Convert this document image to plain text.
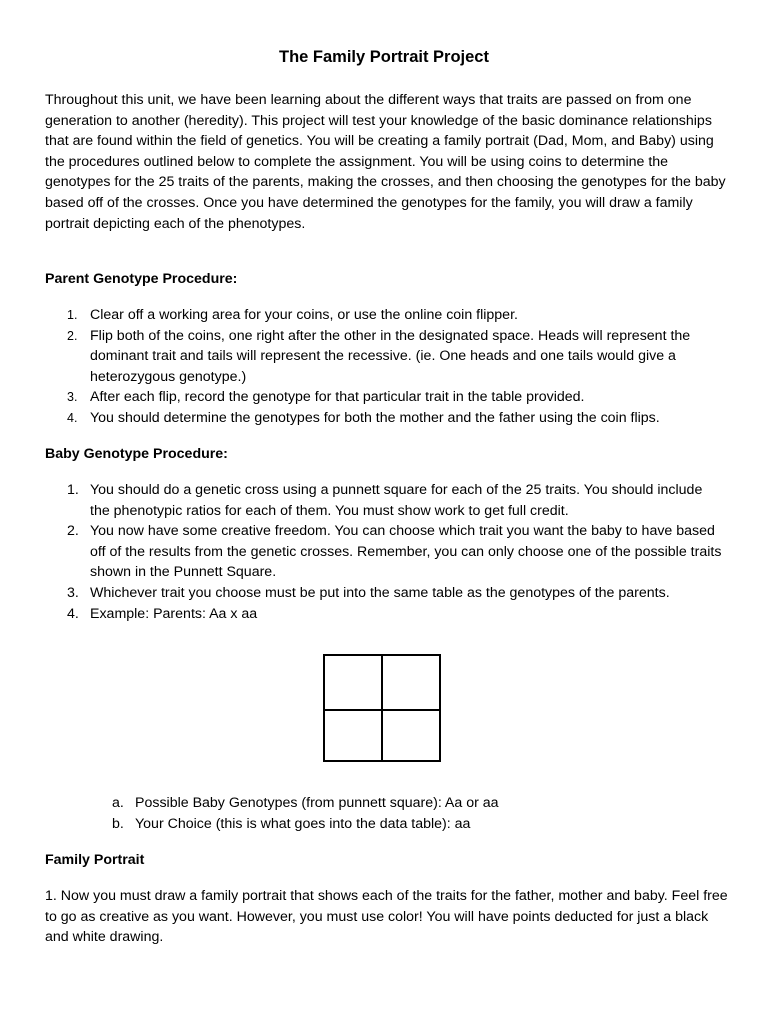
The Family Portrait Project

Throughout this unit, we have been learning about the different ways that traits are passed on from one generation to another (heredity). This project will test your knowledge of the basic dominance relationships that are found within the field of genetics. You will be creating a family portrait (Dad, Mom, and Baby) using the procedures outlined below to complete the assignment. You will be using coins to determine the genotypes for the 25 traits of the parents, making the crosses, and then choosing the genotypes for the baby based off of the crosses. Once you have determined the genotypes for the family, you will draw a family portrait depicting each of the phenotypes.

Parent Genotype Procedure:

1. Clear off a working area for your coins, or use the online coin flipper.
2. Flip both of the coins, one right after the other in the designated space. Heads will represent the dominant trait and tails will represent the recessive. (ie. One heads and one tails would give a heterozygous genotype.)
3. After each flip, record the genotype for that particular trait in the table provided.
4. You should determine the genotypes for both the mother and the father using the coin flips.

Baby Genotype Procedure:

1. You should do a genetic cross using a punnett square for each of the 25 traits. You should include the phenotypic ratios for each of them. You must show work to get full credit.
2. You now have some creative freedom. You can choose which trait you want the baby to have based off of the results from the genetic crosses. Remember, you can only choose one of the possible traits shown in the Punnett Square.
3. Whichever trait you choose must be put into the same table as the genotypes of the parents.
4. Example: Parents: Aa x aa
a. Possible Baby Genotypes (from punnett square): Aa or aa
b. Your Choice (this is what goes into the data table): aa

Family Portrait

1. Now you must draw a family portrait that shows each of the traits for the father, mother and baby. Feel free to go as creative as you want. However, you must use color! You will have points deducted for just a black and white drawing.
